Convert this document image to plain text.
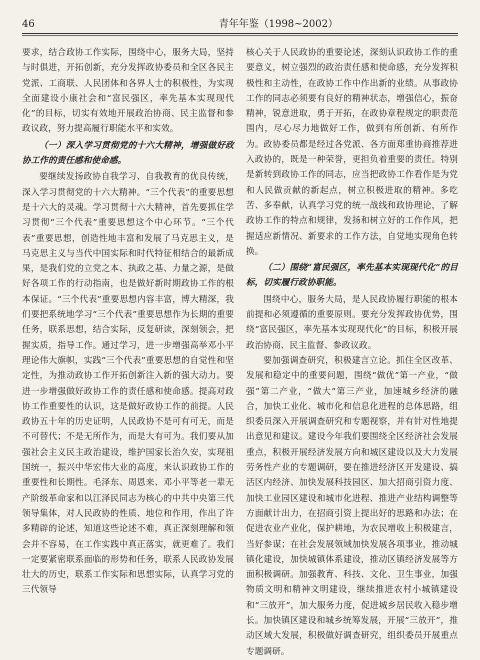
46	青年年鉴（1998~2002）

要求，结合政协工作实际，围绕中心，服务大局，坚持与时俱进，开拓创新，充分发挥政协委员和全区各民主党派、工商联、人民团体和各界人士的积极性，为实现全面建设小康社会和“富民强区，率先基本实现现代化”的目标，切实有效地开展政治协商、民主监督和参政议政，努力提高履行职能水平和实效。

（一）深入学习贯彻党的十六大精神，增强做好政协工作的责任感和使命感。

要继续发扬政协自我学习、自我教育的优良传统，深入学习贯彻党的十六大精神。“三个代表”的重要思想是十六大的灵魂。学习贯彻十六大精神，首先要抓住学习贯彻“三个代表”重要思想这个中心环节。“三个代表”重要思想，创造性地丰富和发展了马克思主义，是马克思主义与当代中国实际和时代特征相结合的最新成果，是我们党的立党之本、执政之基、力量之源，是做好各项工作的行动指南，也是做好新时期政协工作的根本保证。“三个代表”重要思想内容丰富，博大精深，我们要把系统地学习“三个代表”重要思想作为长期的重要任务，联系思想，结合实际，反复研读，深刻领会，把握实质，指导工作。通过学习，进一步增强高举邓小平理论伟大旗帜，实践“三个代表”重要思想的自觉性和坚定性，为推动政协工作开拓创新注入新的强大动力。要进一步增强做好政协工作的责任感和使命感。提高对政协工作重要性的认识，这是做好政协工作的前提。人民政协五十年的历史证明，人民政协不是可有可无，而是不可替代；不是无所作为，而是大有可为。我们要从加强社会主义民主政治建设，维护国家长治久安，实现祖国统一，振兴中华宏伟大业的高度，来认识政协工作的重要性和长期性。毛泽东、周恩来、邓小平等老一辈无产阶级革命家和以江泽民同志为核心的中共中央第三代领导集体，对人民政协的性质、地位和作用，作出了许多精辟的论述，知道这些论述不难，真正深刻理解和领会并不容易，在工作实践中真正落实，就更难了。我们一定要紧密联系面临的形势和任务，联系人民政协发展壮大的历史，联系工作实际和思想实际，认真学习党的三代领导

核心关于人民政协的重要论述，深刻认识政协工作的重要意义，树立强烈的政治责任感和使命感，充分发挥积极性和主动性，在政协工作中作出新的业绩。从事政协工作的同志必须要有良好的精神状态，增强信心，振奋精神，锐意进取，勇于开拓，在政协章程规定的职责范围内，尽心尽力地做好工作，做到有所创新、有所作为。政协委员都是经过各党派、各方面郑重协商推荐进入政协的，既是一种荣誉，更担负着重要的责任。特别是新转到政协工作的同志，应当把政协工作看作是为党和人民做贡献的新起点，树立积极进取的精神。多吃苦、多奉献，认真学习党的统一战线和政协理论，了解政协工作的特点和规律，发扬和树立好的工作作风，把握适应新情况、新要求的工作方法，自觉地实现角色转换。

（二）围绕“富民强区，率先基本实现现代化”的目标，切实履行政协职能。

围绕中心，服务大局，是人民政协履行职能的根本前提和必须遵循的重要原则。要充分发挥政协优势，围绕“富民强区，率先基本实现现代化”的目标，积极开展政治协商、民主监督、参政议政。

要加强调查研究，积极建言立论。抓住全区改革、发展和稳定中的重要问题，围绕“做优”第一产业，“做强”第二产业，“做大”第三产业，加速城乡经济的融合，加快工业化、城市化和信息化进程的总体思路，组织委员深入开展调查研究和专题视察，并有针对性地提出意见和建议。建设今年我们要围绕全区经济社会发展重点，积极开展经济发展方向和城区建设以及大力发展劳务性产业的专题调研，要在推进经济区开发建设、搞活区内经济、加快发展科技园区、加大招商引资力度、加快工业园区建设和城市化进程、推进产业结构调整等方面献计出力，在招商引资上提出好的思路和办法；在促进农业产业化，保护耕地，为农民增收上积极建言，当好参谋；在社会发展领域加快发展各项事业，推动城镇化建设，加快城镇体系建设，推动区镇经济发展等方面积极调研。加强教育、科技、文化、卫生事业，加强物质文明和精神文明建设，继续推进农村小城镇建设和“三放开”，加大服务力度，促进城乡居民收入稳步增长。加快镇区建设和城乡统筹发展，开展“三放开”，推动区域大发展，积极做好调查研究，组织委员开展重点专题调研。
